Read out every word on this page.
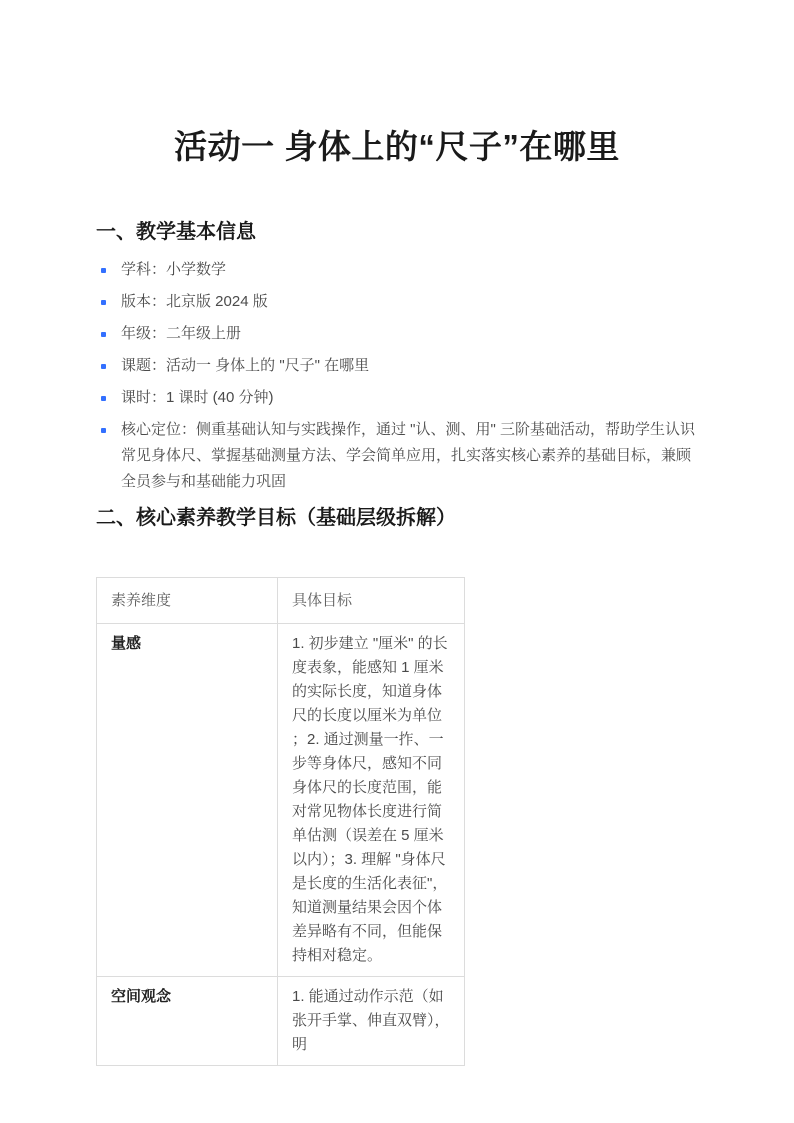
活动一 身体上的“尺子”在哪里
一、教学基本信息
学科：小学数学
版本：北京版 2024 版
年级：二年级上册
课题：活动一 身体上的 "尺子" 在哪里
课时：1 课时 (40 分钟)
核心定位：侧重基础认知与实践操作，通过 "认、测、用" 三阶基础活动，帮助学生认识常见身体尺、掌握基础测量方法、学会简单应用，扎实落实核心素养的基础目标，兼顾全员参与和基础能力巩固
二、核心素养教学目标（基础层级拆解）
素养维度	具体目标
量感	1. 初步建立 "厘米" 的长度表象，能感知 1 厘米的实际长度，知道身体尺的长度以厘米为单位；2. 通过测量一拃、一步等身体尺，感知不同身体尺的长度范围，能对常见物体长度进行简单估测（误差在 5 厘米以内）；3. 理解 "身体尺是长度的生活化表征"，知道测量结果会因个体差异略有不同，但能保持相对稳定。
空间观念	1. 能通过动作示范（如张开手掌、伸直双臂），明
